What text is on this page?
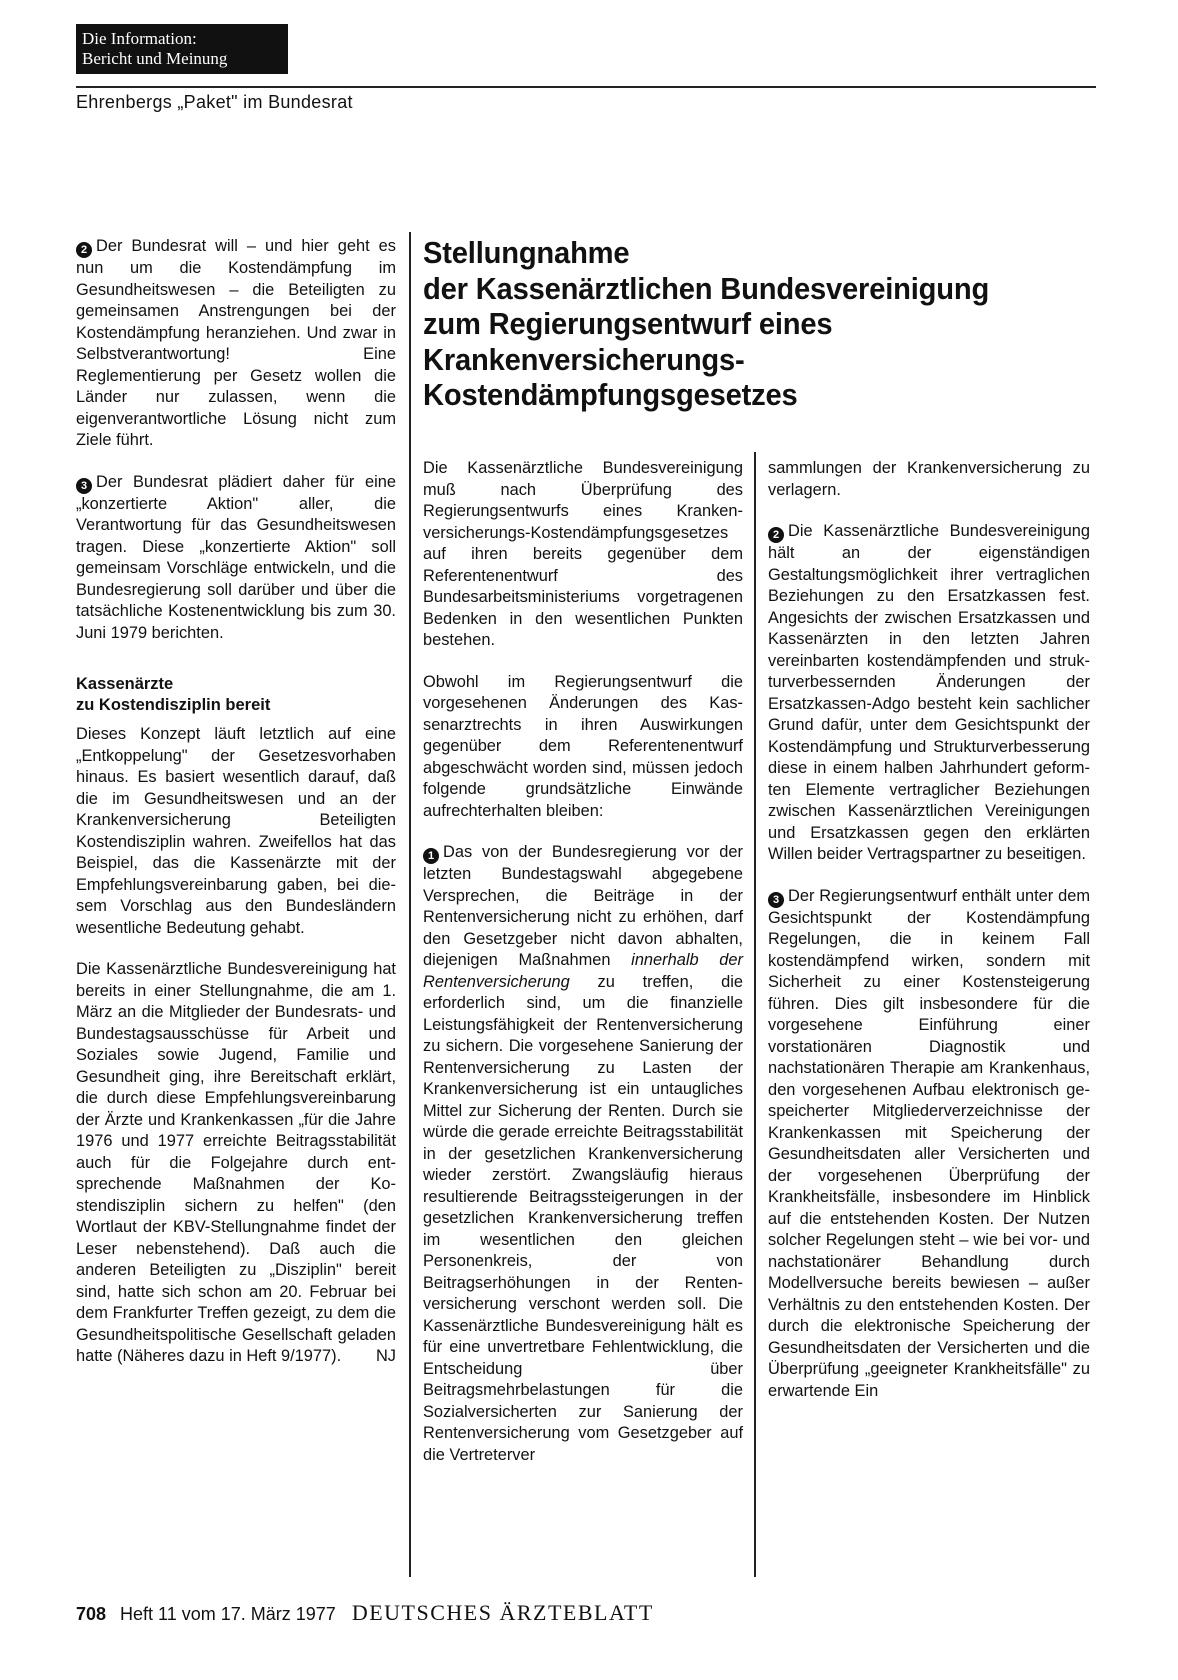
Die Information:
Bericht und Meinung
Ehrenbergs „Paket" im Bundesrat

2 Der Bundesrat will – und hier geht es nun um die Kostendämpfung im Gesundheitswesen – die Beteiligten zu gemeinsamen Anstrengungen bei der Kostendämpfung heranziehen. Und zwar in Selbstverantwortung! Eine Reglementierung per Gesetz wollen die Länder nur zulassen, wenn die eigenverantwortliche Lösung nicht zum Ziele führt.

3 Der Bundesrat plädiert daher für eine „konzertierte Aktion" aller, die Verantwortung für das Gesundheitswesen tragen. Diese „konzertierte Aktion" soll gemeinsam Vorschläge entwickeln, und die Bundesregierung soll darüber und über die tatsächliche Kostenentwicklung bis zum 30. Juni 1979 berichten.

Kassenärzte
zu Kostendisziplin bereit

Dieses Konzept läuft letztlich auf eine „Entkoppelung" der Gesetzesvorhaben hinaus. Es basiert wesentlich darauf, daß die im Gesundheitswesen und an der Krankenversicherung Beteiligten Kostendisziplin wahren. Zweifellos hat das Beispiel, das die Kassenärzte mit der Empfehlungsvereinbarung gaben, bei diesem Vorschlag aus den Bundesländern wesentliche Bedeutung gehabt.

Die Kassenärztliche Bundesvereinigung hat bereits in einer Stellungnahme, die am 1. März an die Mitglieder der Bundesrats- und Bundestagsausschüsse für Arbeit und Soziales sowie Jugend, Familie und Gesundheit ging, ihre Bereitschaft erklärt, die durch diese Empfehlungsvereinbarung der Ärzte und Krankenkassen „für die Jahre 1976 und 1977 erreichte Beitragsstabilität auch für die Folgejahre durch entsprechende Maßnahmen der Kostendisziplin sichern zu helfen" (den Wortlaut der KBV-Stellungnahme findet der Leser nebenstehend). Daß auch die anderen Beteiligten zu „Disziplin" bereit sind, hatte sich schon am 20. Februar bei dem Frankfurter Treffen gezeigt, zu dem die Gesundheitspolitische Gesellschaft geladen hatte (Näheres dazu in Heft 9/1977). NJ

Stellungnahme
der Kassenärztlichen Bundesvereinigung
zum Regierungsentwurf eines
Krankenversicherungs-
Kostendämpfungsgesetzes

Die Kassenärztliche Bundesvereinigung muß nach Überprüfung des Regierungsentwurfs eines Krankenversicherungs-Kostendämpfungsgesetzes auf ihren bereits gegenüber dem Referentenentwurf des Bundesarbeitsministeriums vorgetragenen Bedenken in den wesentlichen Punkten bestehen.

Obwohl im Regierungsentwurf die vorgesehenen Änderungen des Kassenarztrechts in ihren Auswirkungen gegenüber dem Referentenentwurf abgeschwächt worden sind, müssen jedoch folgende grundsätzliche Einwände aufrechterhalten bleiben:

1 Das von der Bundesregierung vor der letzten Bundestagswahl abgegebene Versprechen, die Beiträge in der Rentenversicherung nicht zu erhöhen, darf den Gesetzgeber nicht davon abhalten, diejenigen Maßnahmen innerhalb der Rentenversicherung zu treffen, die erforderlich sind, um die finanzielle Leistungsfähigkeit der Rentenversicherung zu sichern. Die vorgesehene Sanierung der Rentenversicherung zu Lasten der Krankenversicherung ist ein untaugliches Mittel zur Sicherung der Renten. Durch sie würde die gerade erreichte Beitragsstabilität in der gesetzlichen Krankenversicherung wieder zerstört. Zwangsläufig hieraus resultierende Beitragssteigerungen in der gesetzlichen Krankenversicherung treffen im wesentlichen den gleichen Personenkreis, der von Beitragserhöhungen in der Rentenversicherung verschont werden soll. Die Kassenärztliche Bundesvereinigung hält es für eine unvertretbare Fehlentwicklung, die Entscheidung über Beitragsmehrbelastungen für die Sozialversicherten zur Sanierung der Rentenversicherung vom Gesetzgeber auf die Vertreterver

sammlungen der Krankenversicherung zu verlagern.

2 Die Kassenärztliche Bundesvereinigung hält an der eigenständigen Gestaltungsmöglichkeit ihrer vertraglichen Beziehungen zu den Ersatzkassen fest. Angesichts der zwischen Ersatzkassen und Kassenärzten in den letzten Jahren vereinbarten kostendämpfenden und strukturverbessernden Änderungen der Ersatzkassen-Adgo besteht kein sachlicher Grund dafür, unter dem Gesichtspunkt der Kostendämpfung und Strukturverbesserung diese in einem halben Jahrhundert geformten Elemente vertraglicher Beziehungen zwischen Kassenärztlichen Vereinigungen und Ersatzkassen gegen den erklärten Willen beider Vertragspartner zu beseitigen.

3 Der Regierungsentwurf enthält unter dem Gesichtspunkt der Kostendämpfung Regelungen, die in keinem Fall kostendämpfend wirken, sondern mit Sicherheit zu einer Kostensteigerung führen. Dies gilt insbesondere für die vorgesehene Einführung einer vorstationären Diagnostik und nachstationären Therapie am Krankenhaus, den vorgesehenen Aufbau elektronisch gespeicherter Mitgliederverzeichnisse der Krankenkassen mit Speicherung der Gesundheitsdaten aller Versicherten und der vorgesehenen Überprüfung der Krankheitsfälle, insbesondere im Hinblick auf die entstehenden Kosten. Der Nutzen solcher Regelungen steht – wie bei vor- und nachstationärer Behandlung durch Modellversuche bereits bewiesen – außer Verhältnis zu den entstehenden Kosten. Der durch die elektronische Speicherung der Gesundheitsdaten der Versicherten und die Überprüfung „geeigneter Krankheitsfälle" zu erwartende Ein

708 Heft 11 vom 17. März 1977 DEUTSCHES ÄRZTEBLATT
